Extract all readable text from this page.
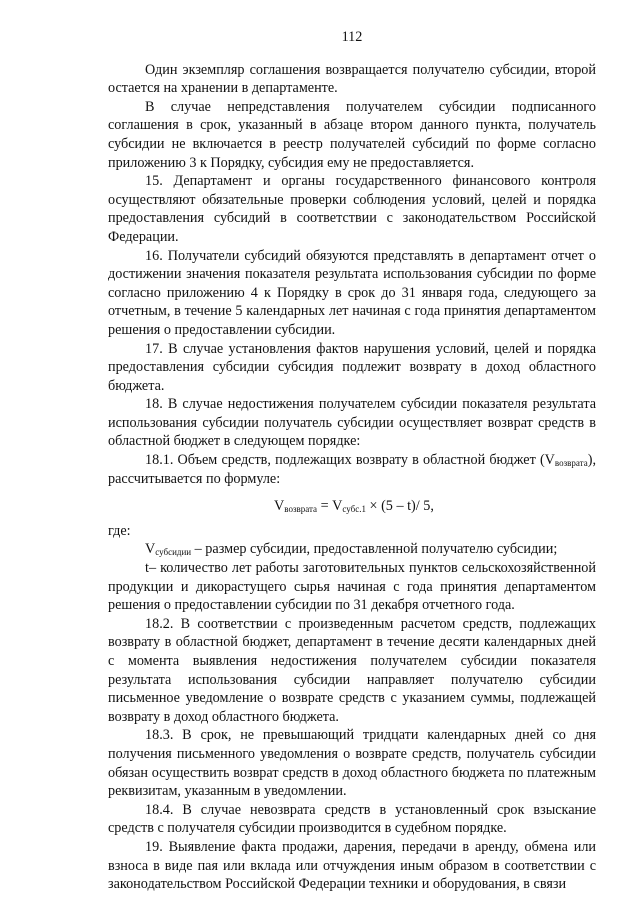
112

Один экземпляр соглашения возвращается получателю субсидии, второй остается на хранении в департаменте.

В случае непредставления получателем субсидии подписанного соглашения в срок, указанный в абзаце втором данного пункта, получатель субсидии не включается в реестр получателей субсидий по форме согласно приложению 3 к Порядку, субсидия ему не предоставляется.

15. Департамент и органы государственного финансового контроля осуществляют обязательные проверки соблюдения условий, целей и порядка предоставления субсидий в соответствии с законодательством Российской Федерации.

16. Получатели субсидий обязуются представлять в департамент отчет о достижении значения показателя результата использования субсидии по форме согласно приложению 4 к Порядку в срок до 31 января года, следующего за отчетным, в течение 5 календарных лет начиная с года принятия департаментом решения о предоставлении субсидии.

17. В случае установления фактов нарушения условий, целей и порядка предоставления субсидии субсидия подлежит возврату в доход областного бюджета.

18. В случае недостижения получателем субсидии показателя результата использования субсидии получатель субсидии осуществляет возврат средств в областной бюджет в следующем порядке:

18.1. Объем средств, подлежащих возврату в областной бюджет $(V_{возврата})$, рассчитывается по формуле:

$V_{возврата} = V_{субс.1} \times (5 - t)/$ 5,

где:

$V_{субсидии}$ – размер субсидии, предоставленной получателю субсидии;

t– количество лет работы заготовительных пунктов сельскохозяйственной продукции и дикорастущего сырья начиная с года принятия департаментом решения о предоставлении субсидии по 31 декабря отчетного года.

18.2. В соответствии с произведенным расчетом средств, подлежащих возврату в областной бюджет, департамент в течение десяти календарных дней с момента выявления недостижения получателем субсидии показателя результата использования субсидии направляет получателю субсидии письменное уведомление о возврате средств с указанием суммы, подлежащей возврату в доход областного бюджета.

18.3. В срок, не превышающий тридцати календарных дней со дня получения письменного уведомления о возврате средств, получатель субсидии обязан осуществить возврат средств в доход областного бюджета по платежным реквизитам, указанным в уведомлении.

18.4. В случае невозврата средств в установленный срок взыскание средств с получателя субсидии производится в судебном порядке.

19. Выявление факта продажи, дарения, передачи в аренду, обмена или взноса в виде пая или вклада или отчуждения иным образом в соответствии с законодательством Российской Федерации техники и оборудования, в связи
